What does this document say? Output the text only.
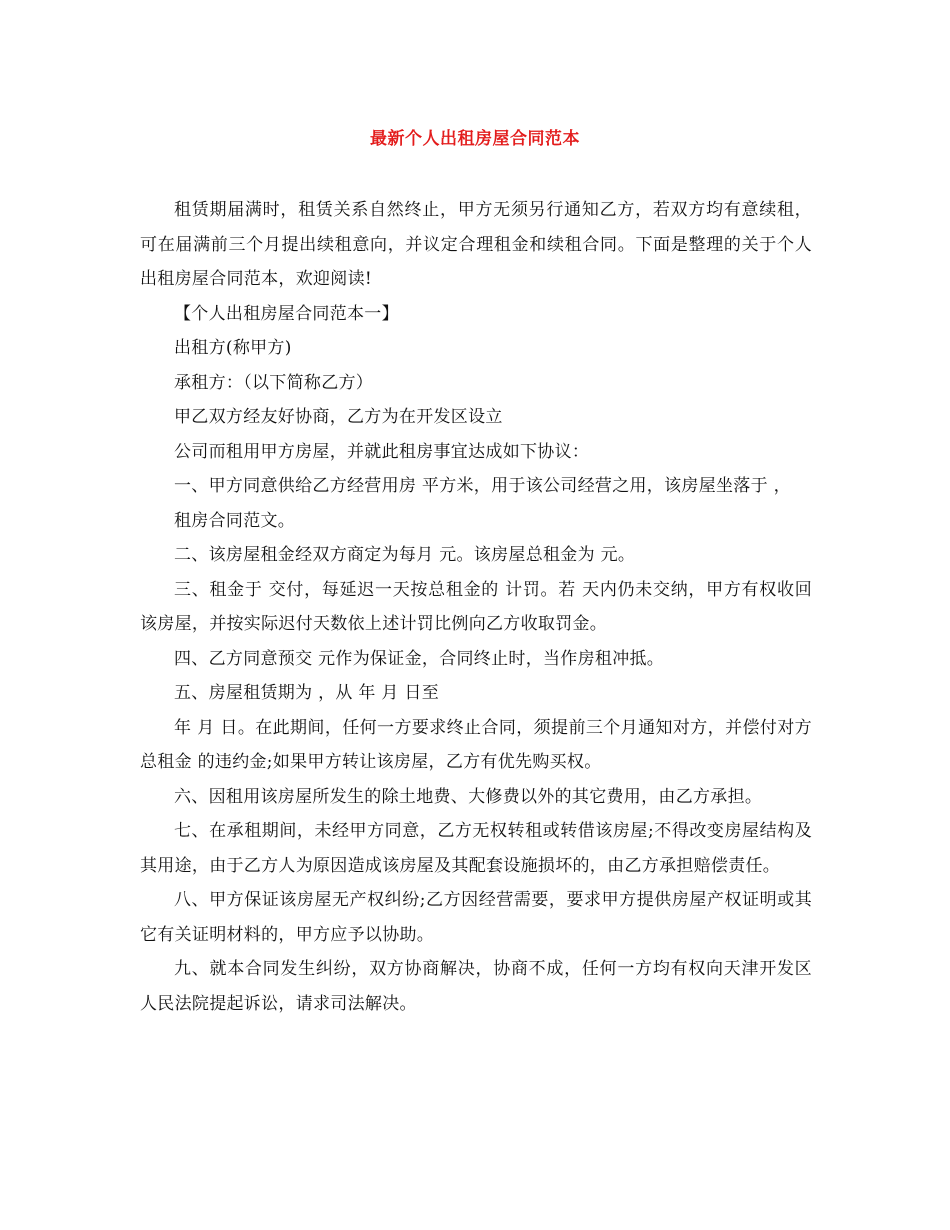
最新个人出租房屋合同范本

租赁期届满时，租赁关系自然终止，甲方无须另行通知乙方，若双方均有意续租，可在届满前三个月提出续租意向，并议定合理租金和续租合同。下面是整理的关于个人出租房屋合同范本，欢迎阅读!

【个人出租房屋合同范本一】

出租方(称甲方)

承租方：（以下简称乙方）

甲乙双方经友好协商，乙方为在开发区设立

公司而租用甲方房屋，并就此租房事宜达成如下协议：

一、甲方同意供给乙方经营用房 平方米，用于该公司经营之用，该房屋坐落于 ，

租房合同范文。

二、该房屋租金经双方商定为每月 元。该房屋总租金为 元。

三、租金于 交付，每延迟一天按总租金的 计罚。若 天内仍未交纳，甲方有权收回该房屋，并按实际迟付天数依上述计罚比例向乙方收取罚金。

四、乙方同意预交 元作为保证金，合同终止时，当作房租冲抵。

五、房屋租赁期为 ，从 年 月 日至

年 月 日。在此期间，任何一方要求终止合同，须提前三个月通知对方，并偿付对方总租金 的违约金;如果甲方转让该房屋，乙方有优先购买权。

六、因租用该房屋所发生的除土地费、大修费以外的其它费用，由乙方承担。

七、在承租期间，未经甲方同意，乙方无权转租或转借该房屋;不得改变房屋结构及其用途，由于乙方人为原因造成该房屋及其配套设施损坏的，由乙方承担赔偿责任。

八、甲方保证该房屋无产权纠纷;乙方因经营需要，要求甲方提供房屋产权证明或其它有关证明材料的，甲方应予以协助。

九、就本合同发生纠纷，双方协商解决，协商不成，任何一方均有权向天津开发区人民法院提起诉讼，请求司法解决。
